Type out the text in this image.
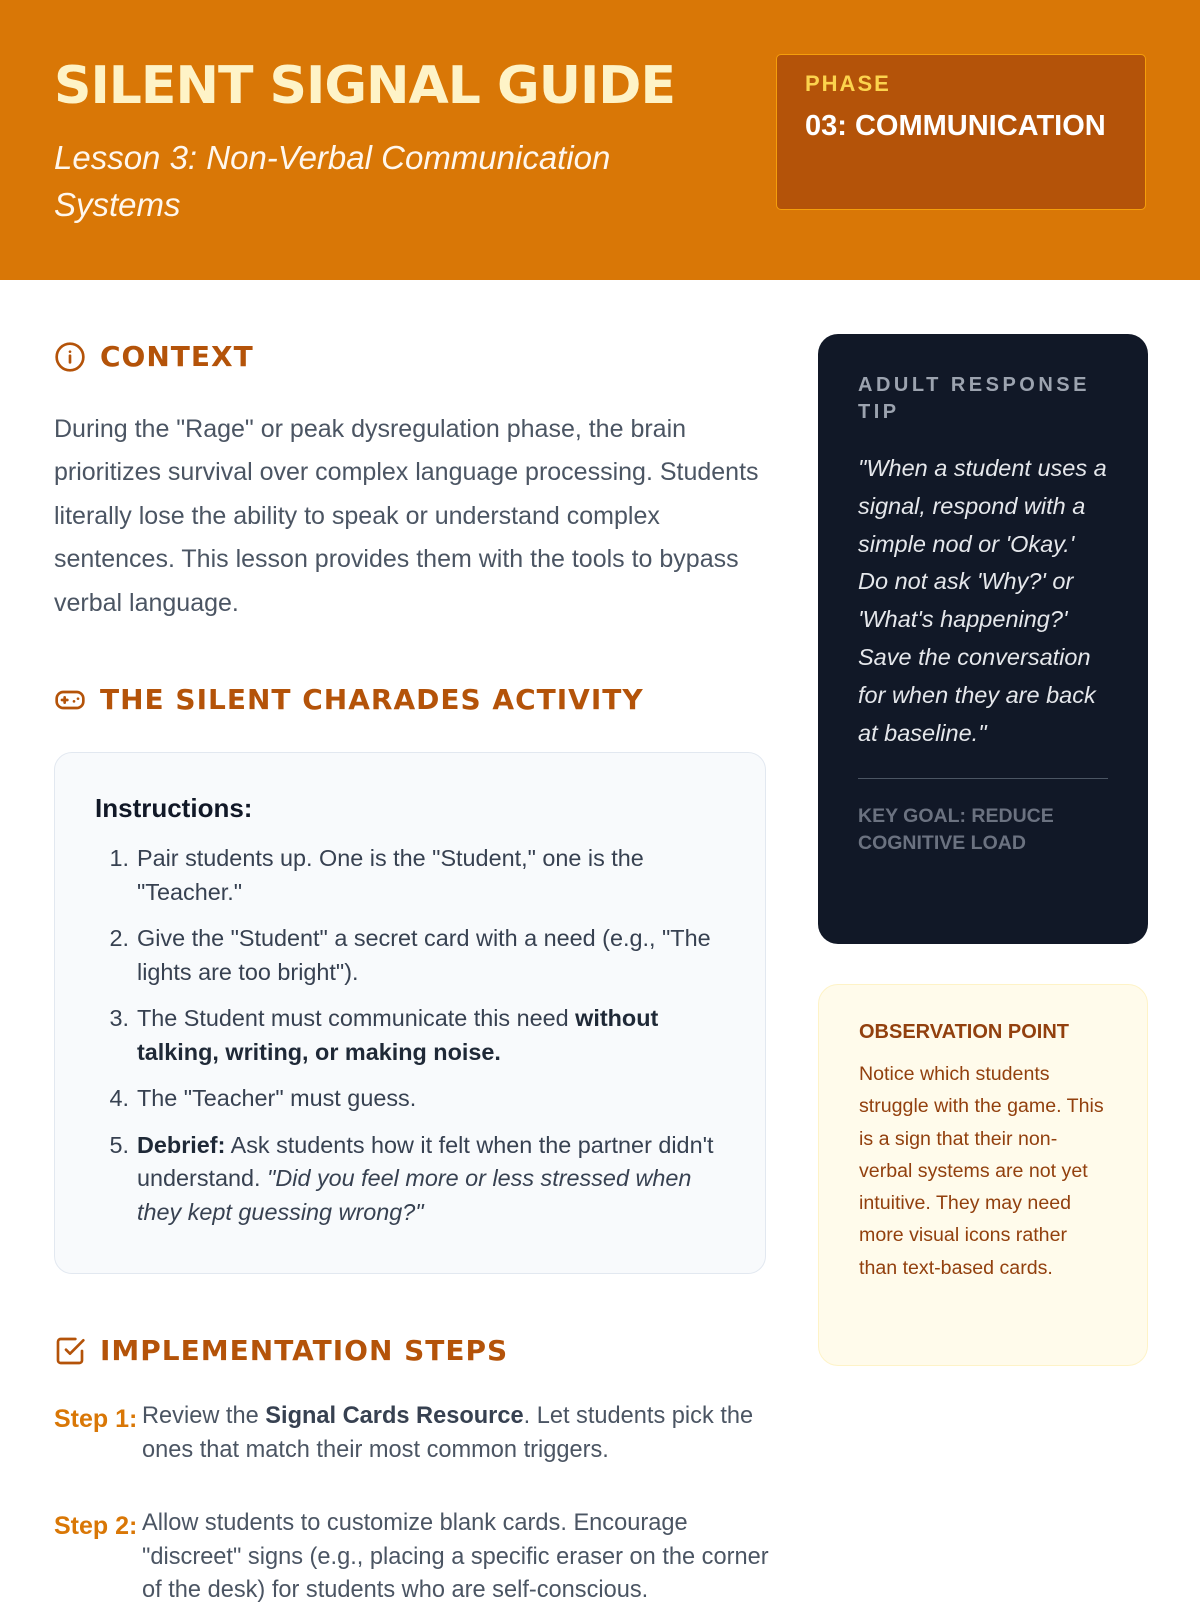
SILENT SIGNAL GUIDE
Lesson 3: Non-Verbal Communication Systems
PHASE
03: COMMUNICATION
CONTEXT
During the "Rage" or peak dysregulation phase, the brain prioritizes survival over complex language processing. Students literally lose the ability to speak or understand complex sentences. This lesson provides them with the tools to bypass verbal language.
THE SILENT CHARADES ACTIVITY
Instructions:
1. Pair students up. One is the "Student," one is the "Teacher."
2. Give the "Student" a secret card with a need (e.g., "The lights are too bright").
3. The Student must communicate this need without talking, writing, or making noise.
4. The "Teacher" must guess.
5. Debrief: Ask students how it felt when the partner didn't understand. "Did you feel more or less stressed when they kept guessing wrong?"
IMPLEMENTATION STEPS
Step 1: Review the Signal Cards Resource. Let students pick the ones that match their most common triggers.
Step 2: Allow students to customize blank cards. Encourage "discreet" signs (e.g., placing a specific eraser on the corner of the desk) for students who are self-conscious.
ADULT RESPONSE TIP
"When a student uses a signal, respond with a simple nod or 'Okay.' Do not ask 'Why?' or 'What's happening?' Save the conversation for when they are back at baseline."
KEY GOAL: REDUCE COGNITIVE LOAD
OBSERVATION POINT
Notice which students struggle with the game. This is a sign that their non-verbal systems are not yet intuitive. They may need more visual icons rather than text-based cards.
